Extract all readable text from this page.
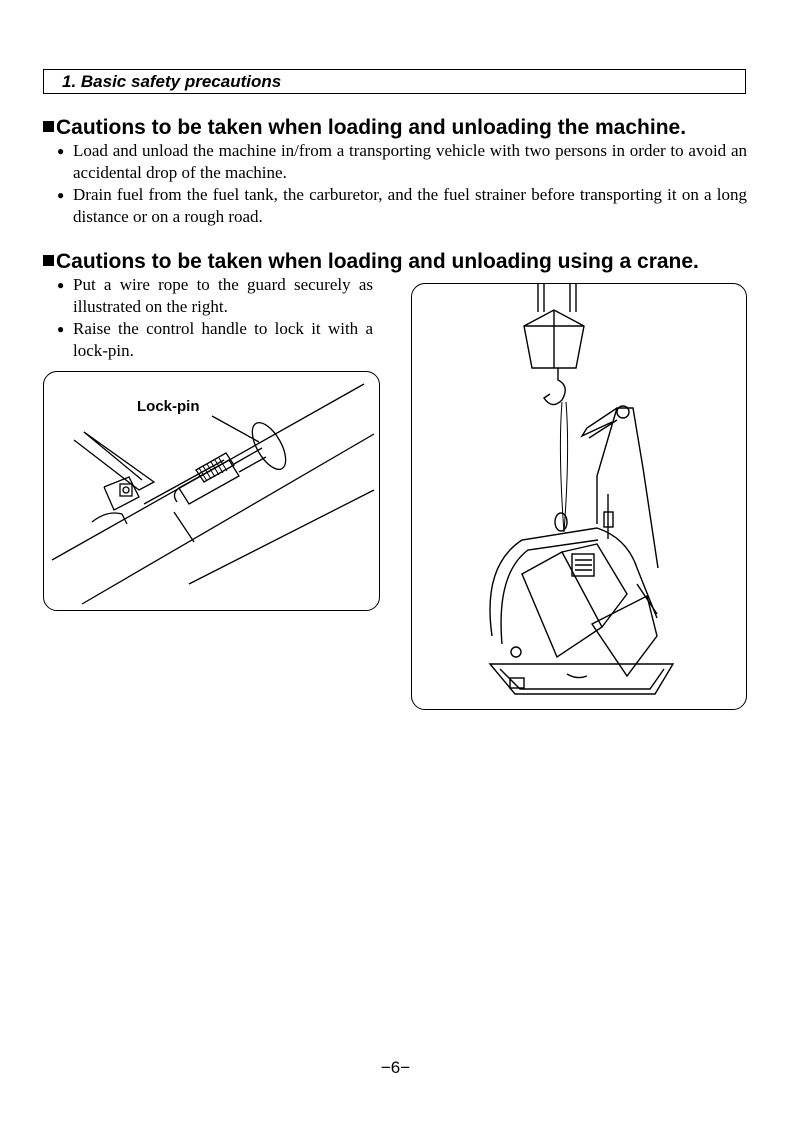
1. Basic safety precautions
Cautions to be taken when loading and unloading the machine.
● Load and unload the machine in/from a transporting vehicle with two persons in order to avoid an accidental drop of the machine.
● Drain fuel from the fuel tank, the carburetor, and the fuel strainer before transporting it on a long distance or on a rough road.
Cautions to be taken when loading and unloading using a crane.
● Put a wire rope to the guard securely as illustrated on the right.
● Raise the control handle to lock it with a lock-pin.
Lock-pin
−6−
